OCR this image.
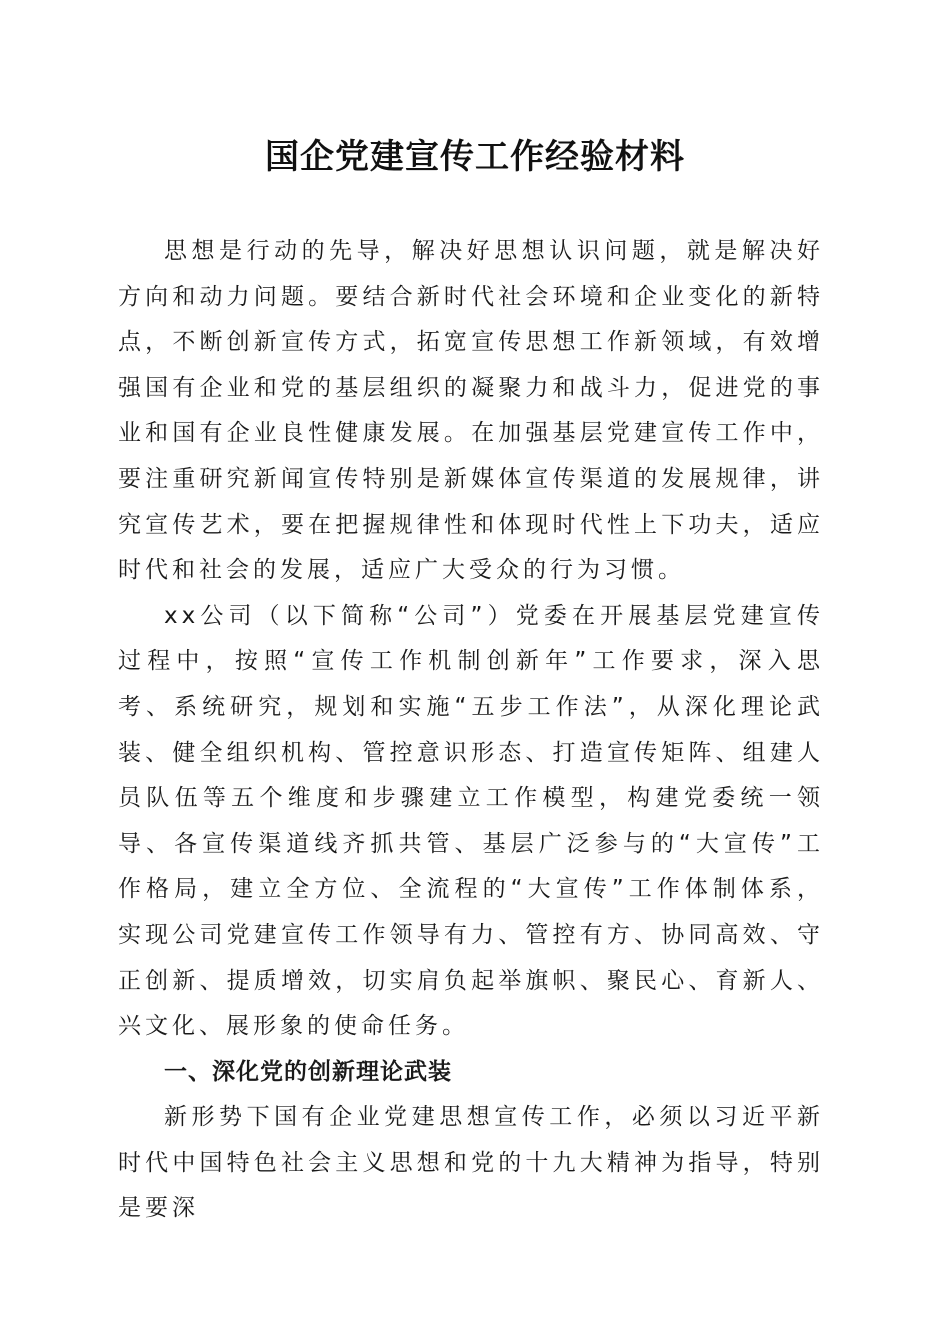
国企党建宣传工作经验材料

思想是行动的先导，解决好思想认识问题，就是解决好方向和动力问题。要结合新时代社会环境和企业变化的新特点，不断创新宣传方式，拓宽宣传思想工作新领域，有效增强国有企业和党的基层组织的凝聚力和战斗力，促进党的事业和国有企业良性健康发展。在加强基层党建宣传工作中，要注重研究新闻宣传特别是新媒体宣传渠道的发展规律，讲究宣传艺术，要在把握规律性和体现时代性上下功夫，适应时代和社会的发展，适应广大受众的行为习惯。

xx公司（以下简称“公司”）党委在开展基层党建宣传过程中，按照“宣传工作机制创新年”工作要求，深入思考、系统研究，规划和实施“五步工作法”，从深化理论武装、健全组织机构、管控意识形态、打造宣传矩阵、组建人员队伍等五个维度和步骤建立工作模型，构建党委统一领导、各宣传渠道线齐抓共管、基层广泛参与的“大宣传”工作格局，建立全方位、全流程的“大宣传”工作体制体系，实现公司党建宣传工作领导有力、管控有方、协同高效、守正创新、提质增效，切实肩负起举旗帜、聚民心、育新人、兴文化、展形象的使命任务。

一、深化党的创新理论武装

新形势下国有企业党建思想宣传工作，必须以习近平新时代中国特色社会主义思想和党的十九大精神为指导，特别是要深
